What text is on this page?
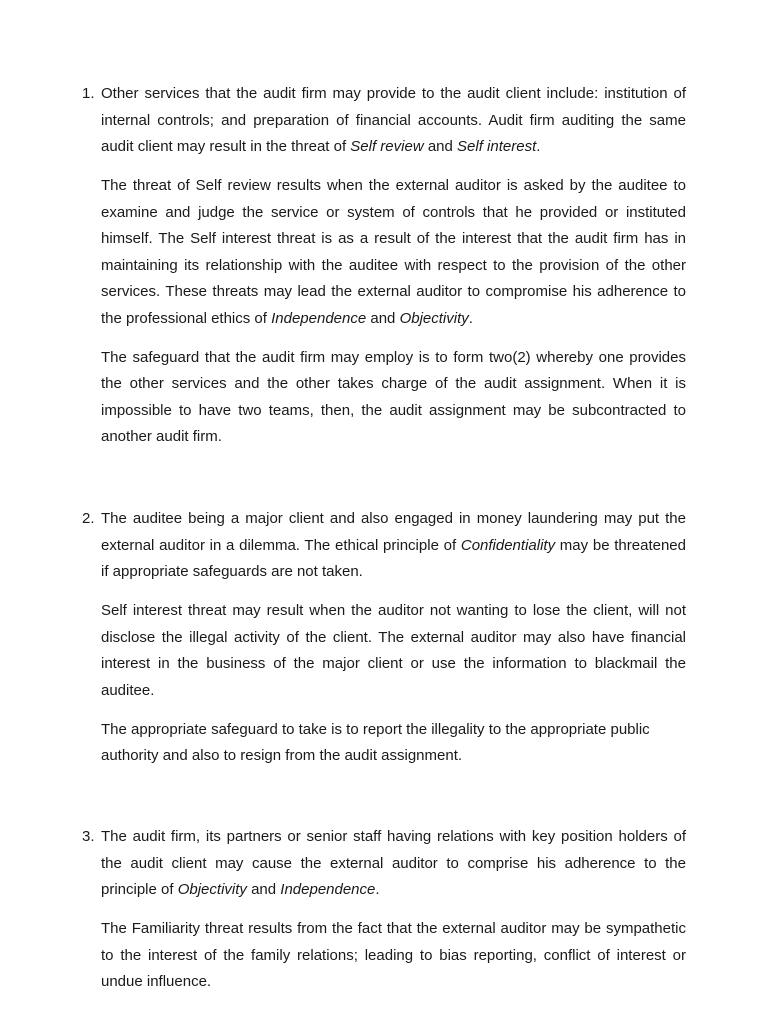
1. Other services that the audit firm may provide to the audit client include: institution of internal controls; and preparation of financial accounts. Audit firm auditing the same audit client may result in the threat of Self review and Self interest.

The threat of Self review results when the external auditor is asked by the auditee to examine and judge the service or system of controls that he provided or instituted himself. The Self interest threat is as a result of the interest that the audit firm has in maintaining its relationship with the auditee with respect to the provision of the other services. These threats may lead the external auditor to compromise his adherence to the professional ethics of Independence and Objectivity.

The safeguard that the audit firm may employ is to form two(2) whereby one provides the other services and the other takes charge of the audit assignment. When it is impossible to have two teams, then, the audit assignment may be subcontracted to another audit firm.

2. The auditee being a major client and also engaged in money laundering may put the external auditor in a dilemma. The ethical principle of Confidentiality may be threatened if appropriate safeguards are not taken.

Self interest threat may result when the auditor not wanting to lose the client, will not disclose the illegal activity of the client. The external auditor may also have financial interest in the business of the major client or use the information to blackmail the auditee.

The appropriate safeguard to take is to report the illegality to the appropriate public authority and also to resign from the audit assignment.

3. The audit firm, its partners or senior staff having relations with key position holders of the audit client may cause the external auditor to comprise his adherence to the principle of Objectivity and Independence.

The Familiarity threat results from the fact that the external auditor may be sympathetic to the interest of the family relations; leading to bias reporting, conflict of interest or undue influence.
